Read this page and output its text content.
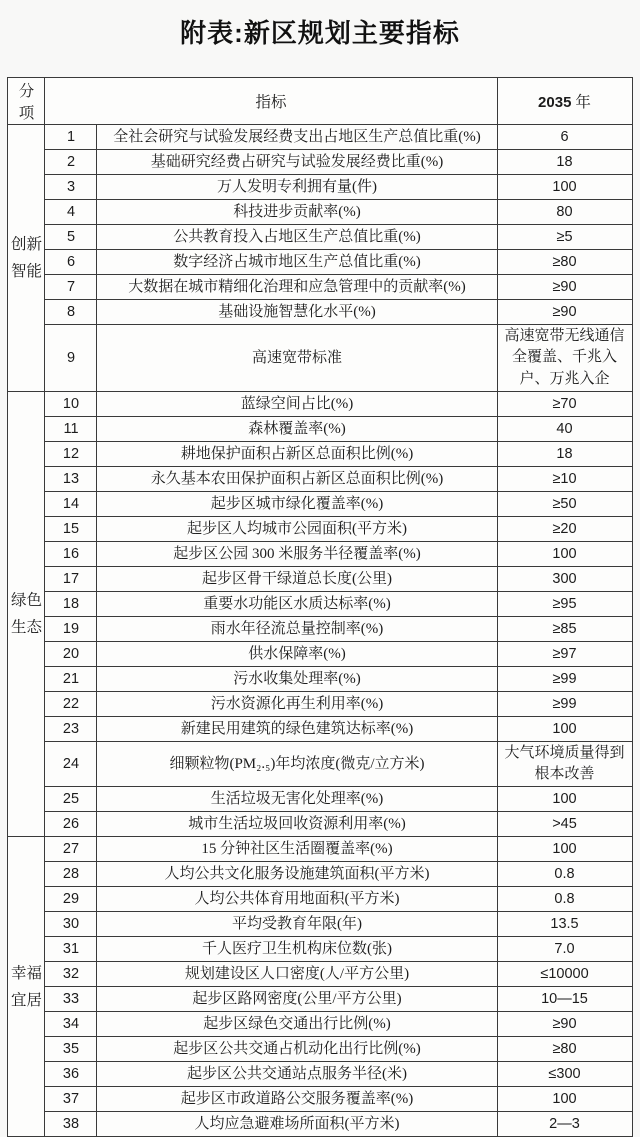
附表:新区规划主要指标
分项	指标		2035 年

创新
智能	1	全社会研究与试验发展经费支出占地区生产总值比重(%)	6
	2	基础研究经费占研究与试验发展经费比重(%)	18
	3	万人发明专利拥有量(件)	100
	4	科技进步贡献率(%)	80
	5	公共教育投入占地区生产总值比重(%)	≥5
	6	数字经济占城市地区生产总值比重(%)	≥80
	7	大数据在城市精细化治理和应急管理中的贡献率(%)	≥90
	8	基础设施智慧化水平(%)	≥90
	9	高速宽带标准	高速宽带无线通信全覆盖、千兆入户、万兆入企

绿色
生态	10	蓝绿空间占比(%)	≥70
	11	森林覆盖率(%)	40
	12	耕地保护面积占新区总面积比例(%)	18
	13	永久基本农田保护面积占新区总面积比例(%)	≥10
	14	起步区城市绿化覆盖率(%)	≥50
	15	起步区人均城市公园面积(平方米)	≥20
	16	起步区公园 300 米服务半径覆盖率(%)	100
	17	起步区骨干绿道总长度(公里)	300
	18	重要水功能区水质达标率(%)	≥95
	19	雨水年径流总量控制率(%)	≥85
	20	供水保障率(%)	≥97
	21	污水收集处理率(%)	≥99
	22	污水资源化再生利用率(%)	≥99
	23	新建民用建筑的绿色建筑达标率(%)	100
	24	细颗粒物(PM₂.₅)年均浓度(微克/立方米)	大气环境质量得到根本改善
	25	生活垃圾无害化处理率(%)	100
	26	城市生活垃圾回收资源利用率(%)	>45

幸福
宜居	27	15 分钟社区生活圈覆盖率(%)	100
	28	人均公共文化服务设施建筑面积(平方米)	0.8
	29	人均公共体育用地面积(平方米)	0.8
	30	平均受教育年限(年)	13.5
	31	千人医疗卫生机构床位数(张)	7.0
	32	规划建设区人口密度(人/平方公里)	≤10000
	33	起步区路网密度(公里/平方公里)	10—15
	34	起步区绿色交通出行比例(%)	≥90
	35	起步区公共交通占机动化出行比例(%)	≥80
	36	起步区公共交通站点服务半径(米)	≤300
	37	起步区市政道路公交服务覆盖率(%)	100
	38	人均应急避难场所面积(平方米)	2—3
